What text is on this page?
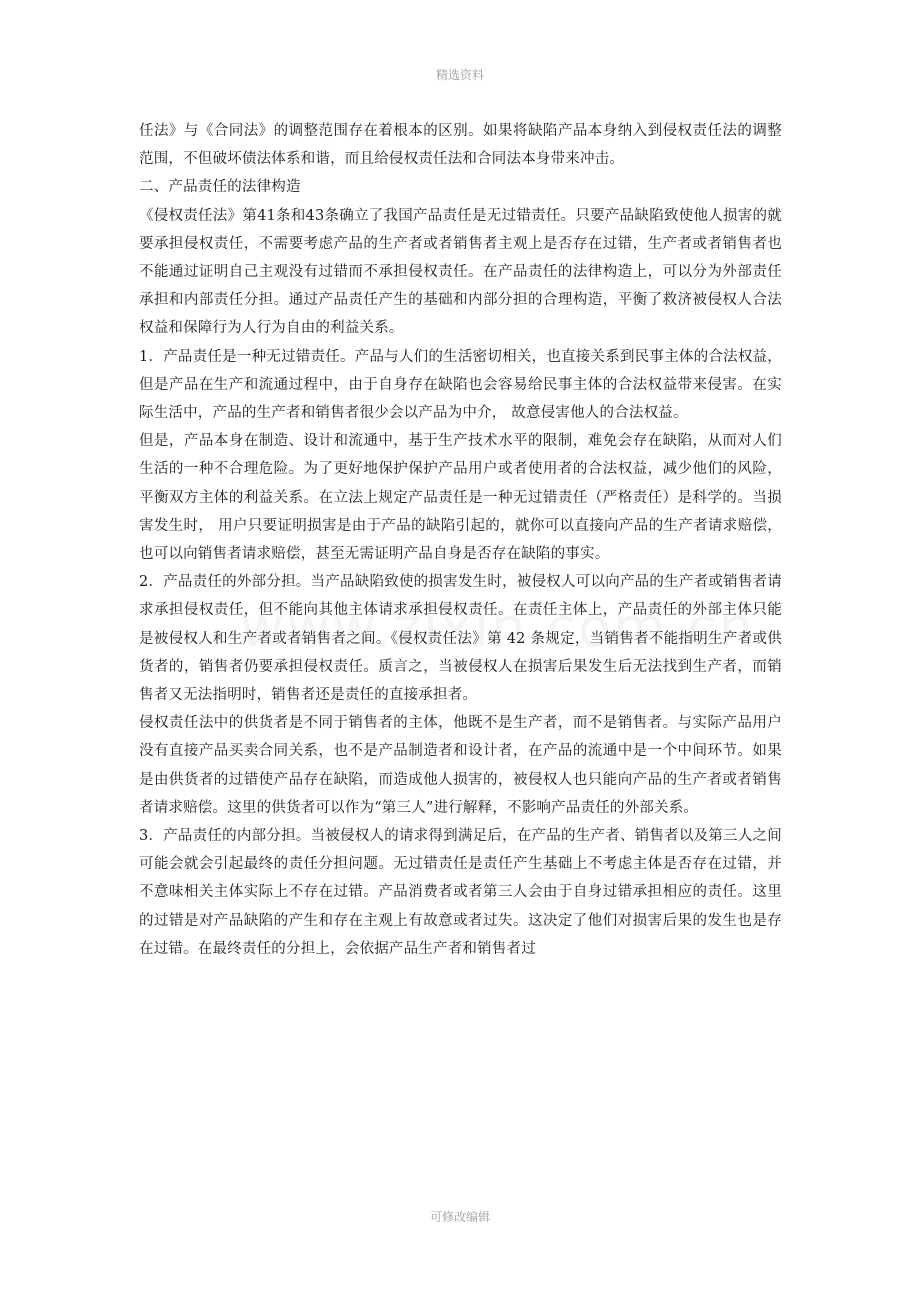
精选资料

任法》与《合同法》的调整范围存在着根本的区别。如果将缺陷产品本身纳入到侵权责任法的调整范围，不但破坏债法体系和谐，而且给侵权责任法和合同法本身带来冲击。

二、产品责任的法律构造

《侵权责任法》第41条和43条确立了我国产品责任是无过错责任。只要产品缺陷致使他人损害的就要承担侵权责任，不需要考虑产品的生产者或者销售者主观上是否存在过错，生产者或者销售者也不能通过证明自己主观没有过错而不承担侵权责任。在产品责任的法律构造上，可以分为外部责任承担和内部责任分担。通过产品责任产生的基础和内部分担的合理构造，平衡了救济被侵权人合法权益和保障行为人行为自由的利益关系。

1．产品责任是一种无过错责任。产品与人们的生活密切相关，也直接关系到民事主体的合法权益，但是产品在生产和流通过程中，由于自身存在缺陷也会容易给民事主体的合法权益带来侵害。在实际生活中，产品的生产者和销售者很少会以产品为中介， 故意侵害他人的合法权益。

但是，产品本身在制造、设计和流通中，基于生产技术水平的限制，难免会存在缺陷，从而对人们生活的一种不合理危险。为了更好地保护保护产品用户或者使用者的合法权益，减少他们的风险，平衡双方主体的利益关系。在立法上规定产品责任是一种无过错责任（严格责任）是科学的。当损害发生时， 用户只要证明损害是由于产品的缺陷引起的，就你可以直接向产品的生产者请求赔偿，也可以向销售者请求赔偿，甚至无需证明产品自身是否存在缺陷的事实。

2．产品责任的外部分担。当产品缺陷致使的损害发生时，被侵权人可以向产品的生产者或销售者请求承担侵权责任，但不能向其他主体请求承担侵权责任。在责任主体上，产品责任的外部主体只能是被侵权人和生产者或者销售者之间。《侵权责任法》第 42 条规定，当销售者不能指明生产者或供货者的，销售者仍要承担侵权责任。质言之，当被侵权人在损害后果发生后无法找到生产者，而销售者又无法指明时，销售者还是责任的直接承担者。

侵权责任法中的供货者是不同于销售者的主体，他既不是生产者，而不是销售者。与实际产品用户没有直接产品买卖合同关系，也不是产品制造者和设计者，在产品的流通中是一个中间环节。如果是由供货者的过错使产品存在缺陷，而造成他人损害的，被侵权人也只能向产品的生产者或者销售者请求赔偿。这里的供货者可以作为“第三人”进行解释，不影响产品责任的外部关系。

3．产品责任的内部分担。当被侵权人的请求得到满足后，在产品的生产者、销售者以及第三人之间可能会就会引起最终的责任分担问题。无过错责任是责任产生基础上不考虑主体是否存在过错，并不意味相关主体实际上不存在过错。产品消费者或者第三人会由于自身过错承担相应的责任。这里的过错是对产品缺陷的产生和存在主观上有故意或者过失。这决定了他们对损害后果的发生也是存在过错。在最终责任的分担上，会依据产品生产者和销售者过

可修改编辑
